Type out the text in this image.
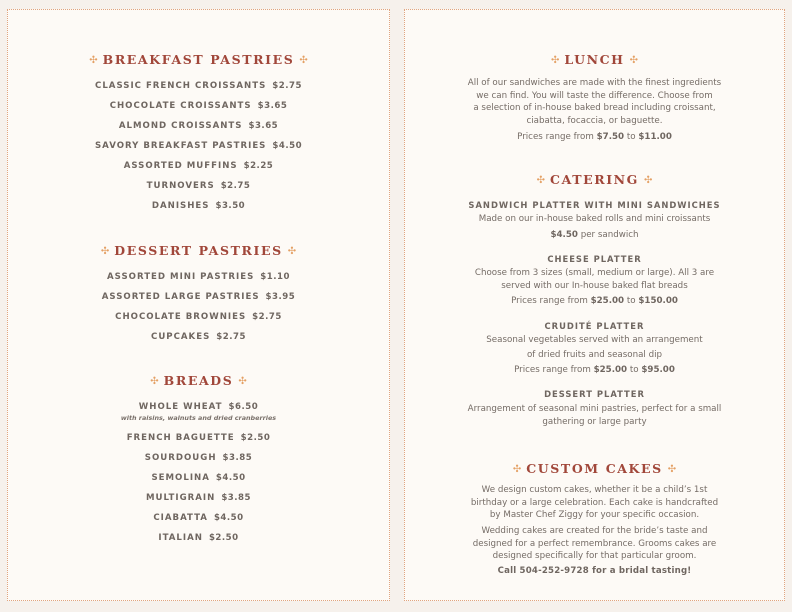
✣ BREAKFAST PASTRIES ✣
CLASSIC FRENCH CROISSANTS $2.75
CHOCOLATE CROISSANTS $3.65
ALMOND CROISSANTS $3.65
SAVORY BREAKFAST PASTRIES $4.50
ASSORTED MUFFINS $2.25
TURNOVERS $2.75
DANISHES $3.50
✣ DESSERT PASTRIES ✣
ASSORTED MINI PASTRIES $1.10
ASSORTED LARGE PASTRIES $3.95
CHOCOLATE BROWNIES $2.75
CUPCAKES $2.75
✣ BREADS ✣
WHOLE WHEAT $6.50
with raisins, walnuts and dried cranberries
FRENCH BAGUETTE $2.50
SOURDOUGH $3.85
SEMOLINA $4.50
MULTIGRAIN $3.85
CIABATTA $4.50
ITALIAN $2.50
✣ LUNCH ✣
All of our sandwiches are made with the finest ingredients
we can find. You will taste the difference. Choose from
a selection of in-house baked bread including croissant,
ciabatta, focaccia, or baguette.
Prices range from $7.50 to $11.00
✣ CATERING ✣
SANDWICH PLATTER WITH MINI SANDWICHES
Made on our in-house baked rolls and mini croissants
$4.50 per sandwich
CHEESE PLATTER
Choose from 3 sizes (small, medium or large). All 3 are
served with our In-house baked flat breads
Prices range from $25.00 to $150.00
CRUDITÉ PLATTER
Seasonal vegetables served with an arrangement
of dried fruits and seasonal dip
Prices range from $25.00 to $95.00
DESSERT PLATTER
Arrangement of seasonal mini pastries, perfect for a small
gathering or large party
✣ CUSTOM CAKES ✣
We design custom cakes, whether it be a child’s 1st
birthday or a large celebration. Each cake is handcrafted
by Master Chef Ziggy for your specific occasion.
Wedding cakes are created for the bride’s taste and
designed for a perfect remembrance. Grooms cakes are
designed specifically for that particular groom.
Call 504-252-9728 for a bridal tasting!
